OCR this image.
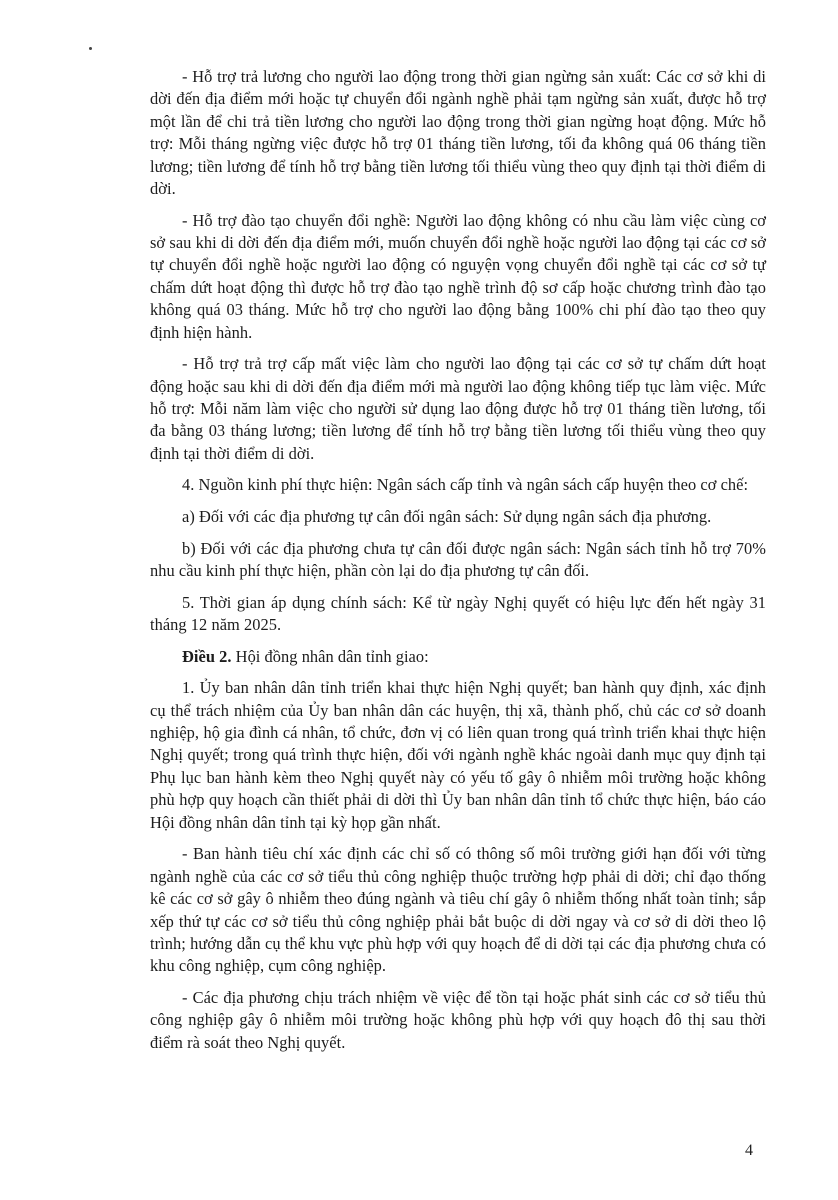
- Hỗ trợ trả lương cho người lao động trong thời gian ngừng sản xuất: Các cơ sở khi di dời đến địa điểm mới hoặc tự chuyển đổi ngành nghề phải tạm ngừng sản xuất, được hỗ trợ một lần để chi trả tiền lương cho người lao động trong thời gian ngừng hoạt động. Mức hỗ trợ: Mỗi tháng ngừng việc được hỗ trợ 01 tháng tiền lương, tối đa không quá 06 tháng tiền lương; tiền lương để tính hỗ trợ bằng tiền lương tối thiểu vùng theo quy định tại thời điểm di dời.

- Hỗ trợ đào tạo chuyển đổi nghề: Người lao động không có nhu cầu làm việc cùng cơ sở sau khi di dời đến địa điểm mới, muốn chuyển đổi nghề hoặc người lao động tại các cơ sở tự chuyển đổi nghề hoặc người lao động có nguyện vọng chuyển đổi nghề tại các cơ sở tự chấm dứt hoạt động thì được hỗ trợ đào tạo nghề trình độ sơ cấp hoặc chương trình đào tạo không quá 03 tháng. Mức hỗ trợ cho người lao động bằng 100% chi phí đào tạo theo quy định hiện hành.

- Hỗ trợ trả trợ cấp mất việc làm cho người lao động tại các cơ sở tự chấm dứt hoạt động hoặc sau khi di dời đến địa điểm mới mà người lao động không tiếp tục làm việc. Mức hỗ trợ: Mỗi năm làm việc cho người sử dụng lao động được hỗ trợ 01 tháng tiền lương, tối đa bằng 03 tháng lương; tiền lương để tính hỗ trợ bằng tiền lương tối thiểu vùng theo quy định tại thời điểm di dời.

4. Nguồn kinh phí thực hiện: Ngân sách cấp tỉnh và ngân sách cấp huyện theo cơ chế:

a) Đối với các địa phương tự cân đối ngân sách: Sử dụng ngân sách địa phương.

b) Đối với các địa phương chưa tự cân đối được ngân sách: Ngân sách tỉnh hỗ trợ 70% nhu cầu kinh phí thực hiện, phần còn lại do địa phương tự cân đối.

5. Thời gian áp dụng chính sách: Kể từ ngày Nghị quyết có hiệu lực đến hết ngày 31 tháng 12 năm 2025.

Điều 2. Hội đồng nhân dân tỉnh giao:

1. Ủy ban nhân dân tỉnh triển khai thực hiện Nghị quyết; ban hành quy định, xác định cụ thể trách nhiệm của Ủy ban nhân dân các huyện, thị xã, thành phố, chủ các cơ sở doanh nghiệp, hộ gia đình cá nhân, tổ chức, đơn vị có liên quan trong quá trình triển khai thực hiện Nghị quyết; trong quá trình thực hiện, đối với ngành nghề khác ngoài danh mục quy định tại Phụ lục ban hành kèm theo Nghị quyết này có yếu tố gây ô nhiễm môi trường hoặc không phù hợp quy hoạch cần thiết phải di dời thì Ủy ban nhân dân tỉnh tổ chức thực hiện, báo cáo Hội đồng nhân dân tỉnh tại kỳ họp gần nhất.

- Ban hành tiêu chí xác định các chỉ số có thông số môi trường giới hạn đối với từng ngành nghề của các cơ sở tiểu thủ công nghiệp thuộc trường hợp phải di dời; chỉ đạo thống kê các cơ sở gây ô nhiễm theo đúng ngành và tiêu chí gây ô nhiễm thống nhất toàn tỉnh; sắp xếp thứ tự các cơ sở tiểu thủ công nghiệp phải bắt buộc di dời ngay và cơ sở di dời theo lộ trình; hướng dẫn cụ thể khu vực phù hợp với quy hoạch để di dời tại các địa phương chưa có khu công nghiệp, cụm công nghiệp.

- Các địa phương chịu trách nhiệm về việc để tồn tại hoặc phát sinh các cơ sở tiểu thủ công nghiệp gây ô nhiễm môi trường hoặc không phù hợp với quy hoạch đô thị sau thời điểm rà soát theo Nghị quyết.

4
